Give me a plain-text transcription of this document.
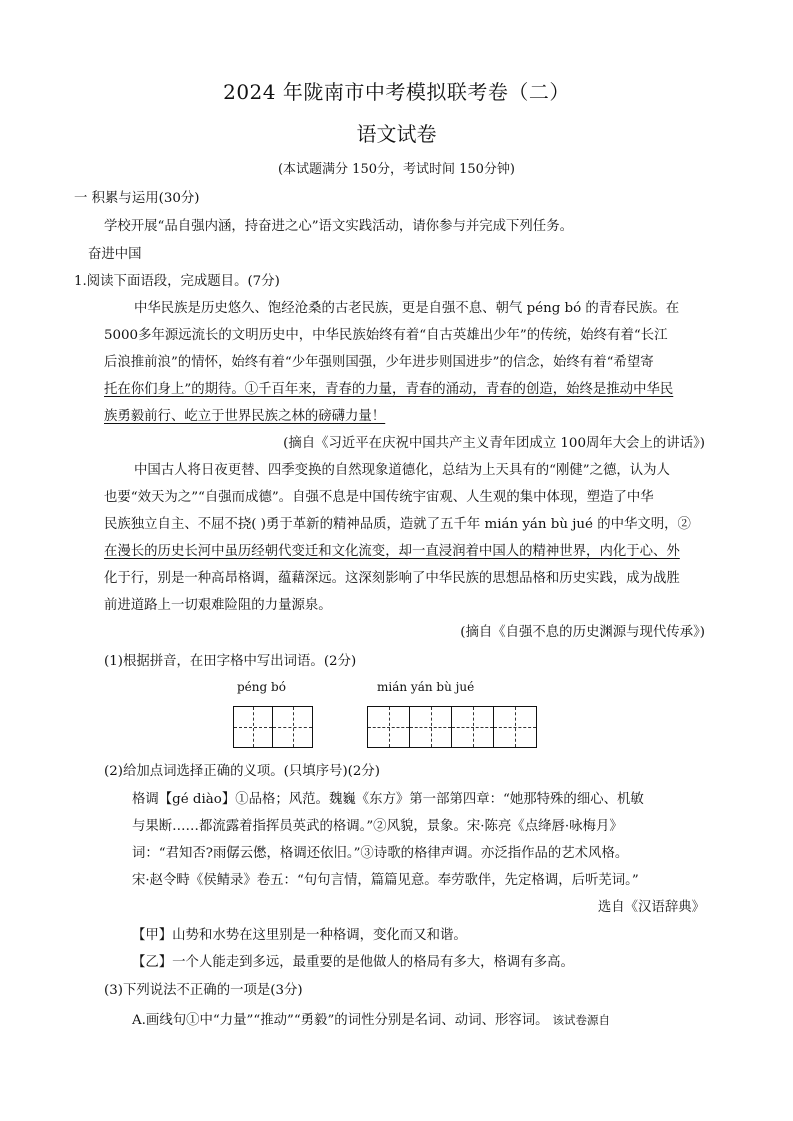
2024 年陇南市中考模拟联考卷（二）
语文试卷
(本试题满分 150分，考试时间 150分钟)
一 积累与运用(30分)
学校开展“品自强内涵，持奋进之心”语文实践活动，请你参与并完成下列任务。
奋进中国
1.阅读下面语段，完成题目。(7分)
中华民族是历史悠久、饱经沧桑的古老民族，更是自强不息、朝气 péng bó 的青春民族。在
5000多年源远流长的文明历史中，中华民族始终有着“自古英雄出少年”的传统，始终有着“长江
后浪推前浪”的情怀，始终有着“少年强则国强，少年进步则国进步”的信念，始终有着“希望寄
托在你们身上”的期待。①千百年来，青春的力量，青春的涌动，青春的创造，始终是推动中华民
族勇毅前行、屹立于世界民族之林的磅礴力量！
(摘自《习近平在庆祝中国共产主义青年团成立 100周年大会上的讲话》)
中国古人将日夜更替、四季变换的自然现象道德化，总结为上天具有的“刚健”之德，认为人
也要“效天为之”“自强而成德”。自强不息是中国传统宇宙观、人生观的集中体现，塑造了中华
民族独立自主、不屈不挠( )勇于革新的精神品质，造就了五千年 mián yán bù jué 的中华文明，②
在漫长的历史长河中虽历经朝代变迁和文化流变，却一直浸润着中国人的精神世界，内化于心、外
化于行，别是一种高昂格调，蕴藉深远。这深刻影响了中华民族的思想品格和历史实践，成为战胜
前进道路上一切艰难险阻的力量源泉。
(摘自《自强不息的历史渊源与现代传承》)
(1)根据拼音，在田字格中写出词语。(2分)
péng bó	mián yán bù jué
(2)给加点词选择正确的义项。(只填序号)(2分)
格调【gé diào】①品格；风范。魏巍《东方》第一部第四章：“她那特殊的细心、机敏
与果断……都流露着指挥员英武的格调。”②风貌，景象。宋·陈亮《点绛唇·咏梅月》
词：“君知否?雨僝云僽，格调还依旧。”③诗歌的格律声调。亦泛指作品的艺术风格。
宋·赵令畤《侯鲭录》卷五：“句句言情，篇篇见意。奉劳歌伴，先定格调，后听芜词。”
选自《汉语辞典》
【甲】山势和水势在这里别是一种格调，变化而又和谐。
【乙】一个人能走到多远，最重要的是他做人的格局有多大，格调有多高。
(3)下列说法不正确的一项是(3分)
A.画线句①中“力量”“推动”“勇毅”的词性分别是名词、动词、形容词。 该试卷源自
